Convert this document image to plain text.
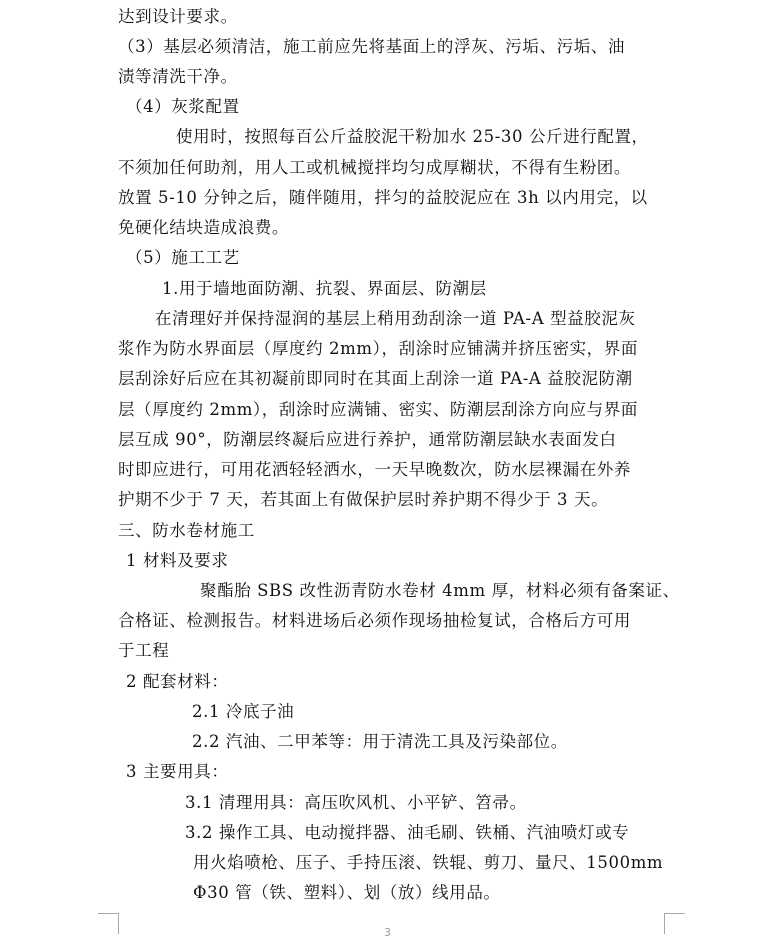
达到设计要求。
（3）基层必须清洁，施工前应先将基面上的浮灰、污垢、污垢、油
渍等清洗干净。
（4）灰浆配置
使用时，按照每百公斤益胶泥干粉加水 25-30 公斤进行配置，
不须加任何助剂，用人工或机械搅拌均匀成厚糊状，不得有生粉团。
放置 5-10 分钟之后，随伴随用，拌匀的益胶泥应在 3h 以内用完，以
免硬化结块造成浪费。
（5）施工工艺
1.用于墙地面防潮、抗裂、界面层、防潮层
在清理好并保持湿润的基层上稍用劲刮涂一道 PA-A 型益胶泥灰
浆作为防水界面层（厚度约 2mm），刮涂时应铺满并挤压密实，界面
层刮涂好后应在其初凝前即同时在其面上刮涂一道 PA-A 益胶泥防潮
层（厚度约 2mm），刮涂时应满铺、密实、防潮层刮涂方向应与界面
层互成 90°，防潮层终凝后应进行养护，通常防潮层缺水表面发白
时即应进行，可用花洒轻轻洒水，一天早晚数次，防水层裸漏在外养
护期不少于 7 天，若其面上有做保护层时养护期不得少于 3 天。
三、防水卷材施工
1 材料及要求
聚酯胎 SBS 改性沥青防水卷材 4mm 厚，材料必须有备案证、
合格证、检测报告。材料进场后必须作现场抽检复试，合格后方可用
于工程
2 配套材料：
2.1 冷底子油
2.2 汽油、二甲苯等：用于清洗工具及污染部位。
3 主要用具：
3.1 清理用具：高压吹风机、小平铲、笤帚。
3.2 操作工具、电动搅拌器、油毛刷、铁桶、汽油喷灯或专
用火焰喷枪、压子、手持压滚、铁辊、剪刀、量尺、1500mm
Φ30 管（铁、塑料）、划（放）线用品。
3
